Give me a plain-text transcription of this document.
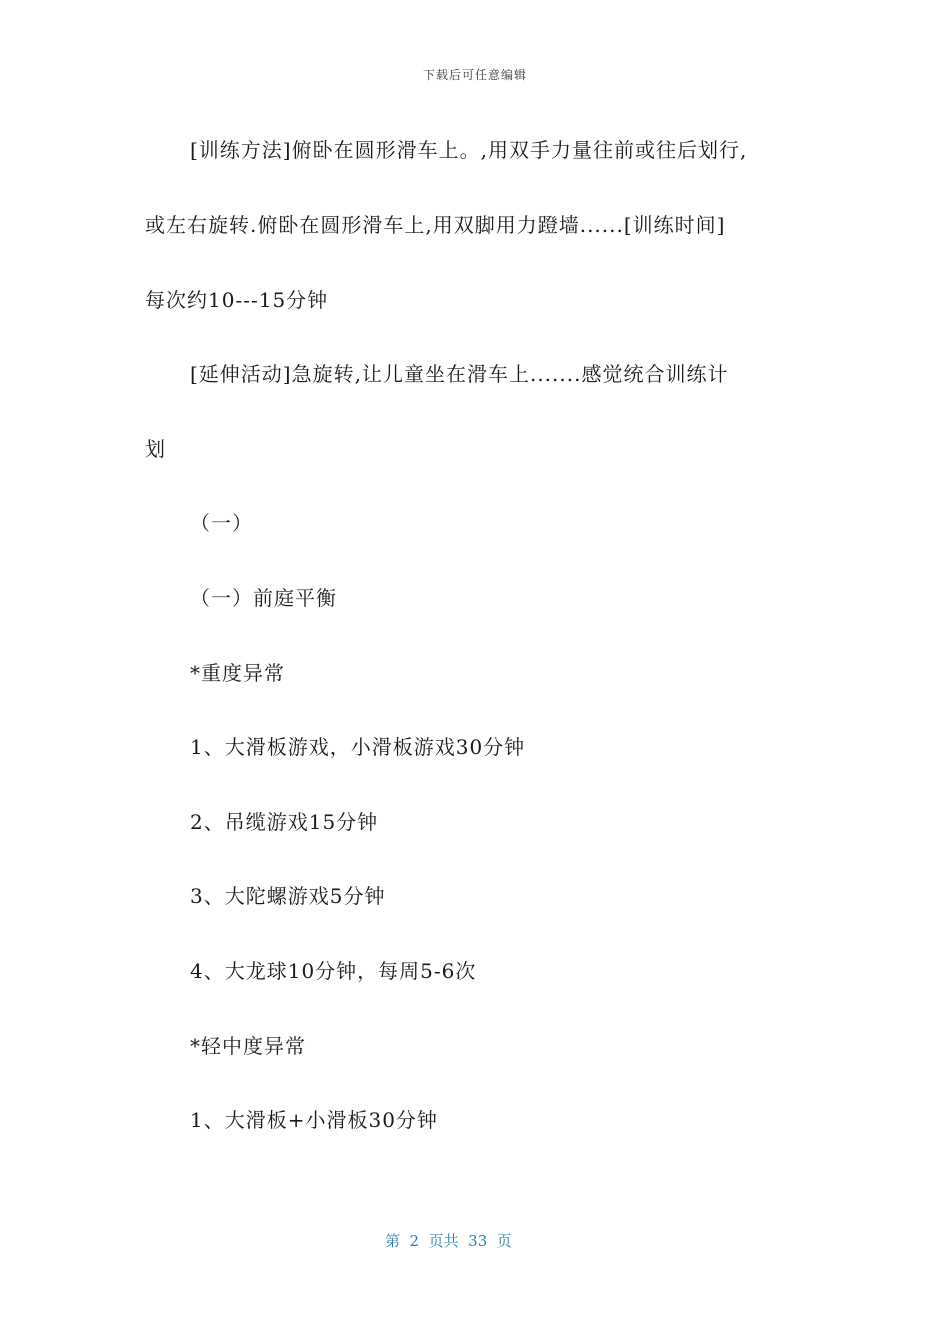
下载后可任意编辑
[训练方法]俯卧在圆形滑车上。,用双手力量往前或往后划行,
或左右旋转.俯卧在圆形滑车上,用双脚用力蹬墙......[训练时间]
每次约10---15分钟
[延伸活动]急旋转,让儿童坐在滑车上.......感觉统合训练计
划
（一）
（一）前庭平衡
*重度异常
1、大滑板游戏，小滑板游戏30分钟
2、吊缆游戏15分钟
3、大陀螺游戏5分钟
4、大龙球10分钟，每周5-6次
*轻中度异常
1、大滑板+小滑板30分钟
第  2  页共  33  页
